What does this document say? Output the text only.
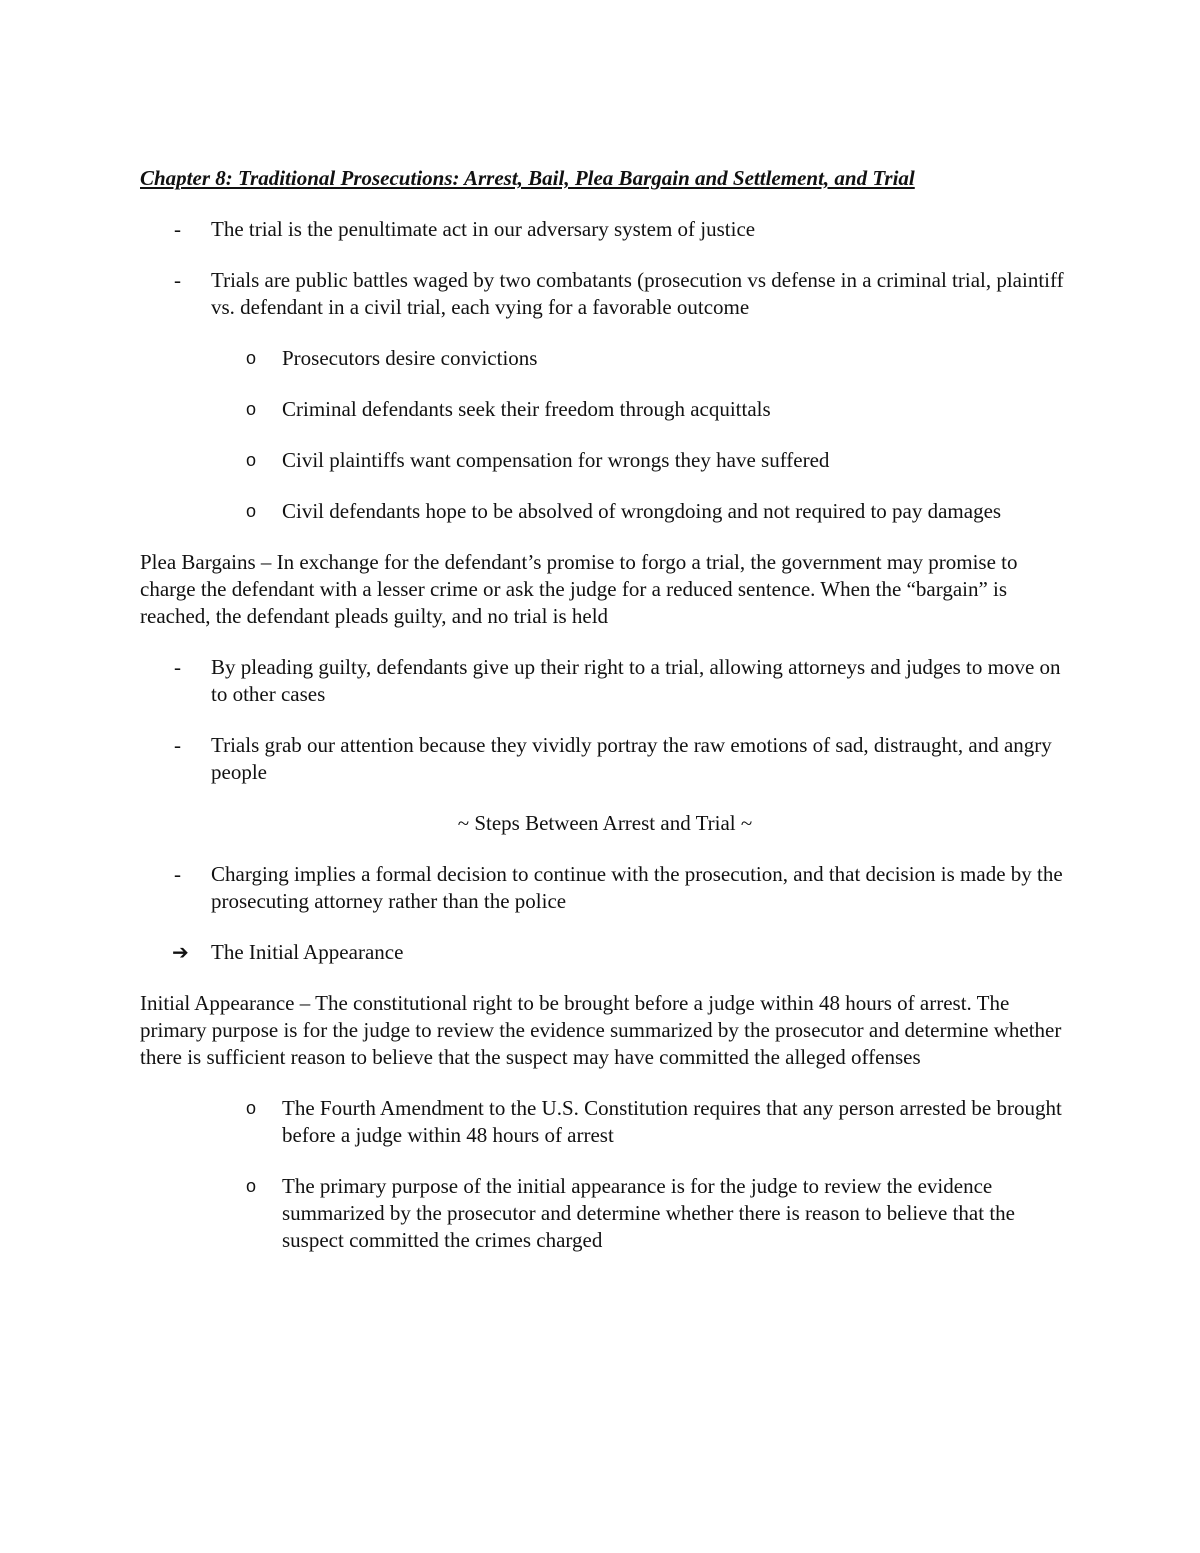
Chapter 8: Traditional Prosecutions: Arrest, Bail, Plea Bargain and Settlement, and Trial
- The trial is the penultimate act in our adversary system of justice
- Trials are public battles waged by two combatants (prosecution vs defense in a criminal trial, plaintiff vs. defendant in a civil trial, each vying for a favorable outcome
o Prosecutors desire convictions
o Criminal defendants seek their freedom through acquittals
o Civil plaintiffs want compensation for wrongs they have suffered
o Civil defendants hope to be absolved of wrongdoing and not required to pay damages
Plea Bargains – In exchange for the defendant’s promise to forgo a trial, the government may promise to charge the defendant with a lesser crime or ask the judge for a reduced sentence. When the “bargain” is reached, the defendant pleads guilty, and no trial is held
- By pleading guilty, defendants give up their right to a trial, allowing attorneys and judges to move on to other cases
- Trials grab our attention because they vividly portray the raw emotions of sad, distraught, and angry people
~ Steps Between Arrest and Trial ~
- Charging implies a formal decision to continue with the prosecution, and that decision is made by the prosecuting attorney rather than the police
➔ The Initial Appearance
Initial Appearance – The constitutional right to be brought before a judge within 48 hours of arrest. The primary purpose is for the judge to review the evidence summarized by the prosecutor and determine whether there is sufficient reason to believe that the suspect may have committed the alleged offenses
o The Fourth Amendment to the U.S. Constitution requires that any person arrested be brought before a judge within 48 hours of arrest
o The primary purpose of the initial appearance is for the judge to review the evidence summarized by the prosecutor and determine whether there is reason to believe that the suspect committed the crimes charged
